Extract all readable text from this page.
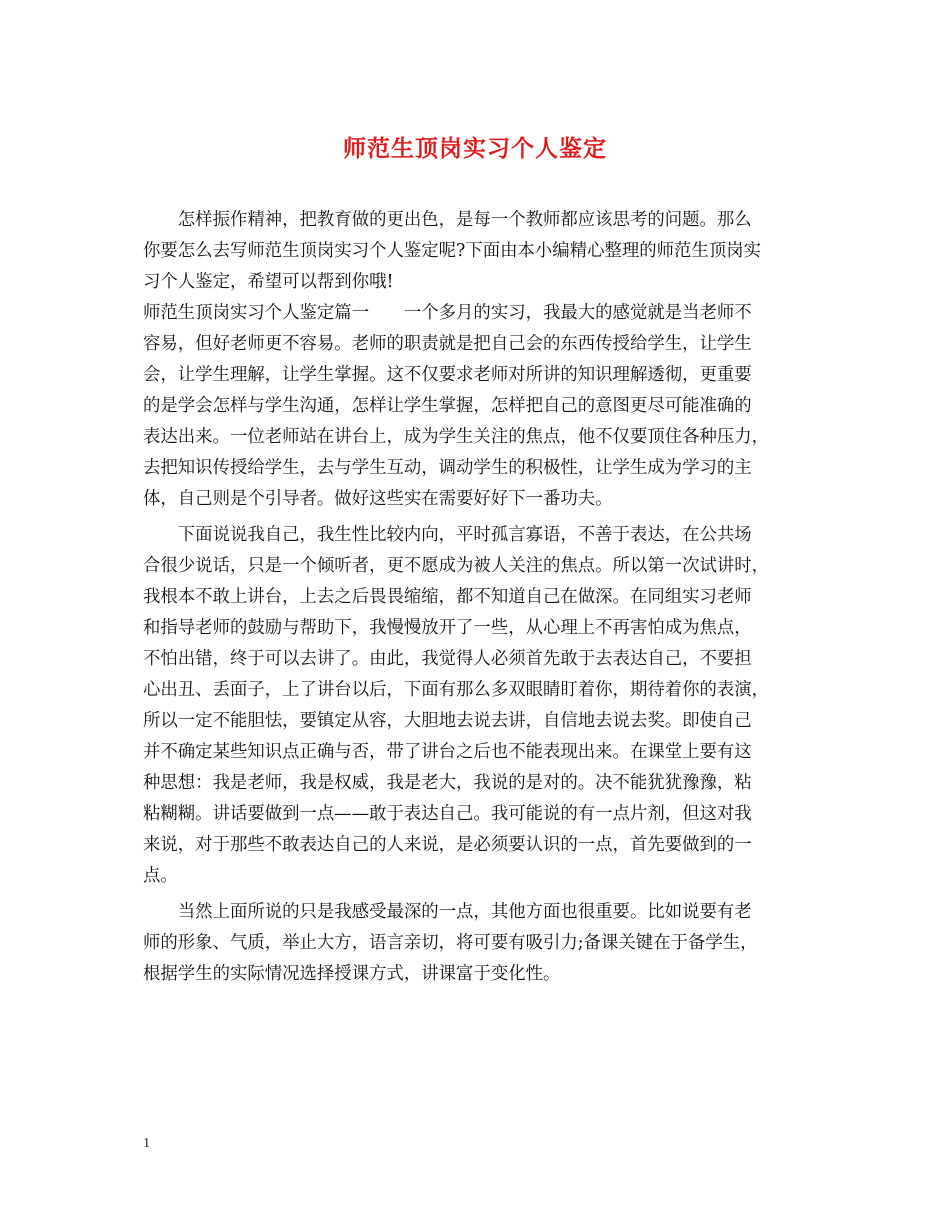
师范生顶岗实习个人鉴定
　　怎样振作精神，把教育做的更出色，是每一个教师都应该思考的问题。那么
你要怎么去写师范生顶岗实习个人鉴定呢?下面由本小编精心整理的师范生顶岗实
习个人鉴定，希望可以帮到你哦!
师范生顶岗实习个人鉴定篇一　　一个多月的实习，我最大的感觉就是当老师不
容易，但好老师更不容易。老师的职责就是把自己会的东西传授给学生，让学生
会，让学生理解，让学生掌握。这不仅要求老师对所讲的知识理解透彻，更重要
的是学会怎样与学生沟通，怎样让学生掌握，怎样把自己的意图更尽可能准确的
表达出来。一位老师站在讲台上，成为学生关注的焦点，他不仅要顶住各种压力，
去把知识传授给学生，去与学生互动，调动学生的积极性，让学生成为学习的主
体，自己则是个引导者。做好这些实在需要好好下一番功夫。
　　下面说说我自己，我生性比较内向，平时孤言寡语，不善于表达，在公共场
合很少说话，只是一个倾听者，更不愿成为被人关注的焦点。所以第一次试讲时，
我根本不敢上讲台，上去之后畏畏缩缩，都不知道自己在做深。在同组实习老师
和指导老师的鼓励与帮助下，我慢慢放开了一些，从心理上不再害怕成为焦点，
不怕出错，终于可以去讲了。由此，我觉得人必须首先敢于去表达自己，不要担
心出丑、丢面子，上了讲台以后，下面有那么多双眼睛盯着你，期待着你的表演，
所以一定不能胆怯，要镇定从容，大胆地去说去讲，自信地去说去奖。即使自己
并不确定某些知识点正确与否，带了讲台之后也不能表现出来。在课堂上要有这
种思想：我是老师，我是权威，我是老大，我说的是对的。决不能犹犹豫豫，粘
粘糊糊。讲话要做到一点——敢于表达自己。我可能说的有一点片剂，但这对我
来说，对于那些不敢表达自己的人来说，是必须要认识的一点，首先要做到的一
点。
　　当然上面所说的只是我感受最深的一点，其他方面也很重要。比如说要有老
师的形象、气质，举止大方，语言亲切，将可要有吸引力;备课关键在于备学生，
根据学生的实际情况选择授课方式，讲课富于变化性。
1
